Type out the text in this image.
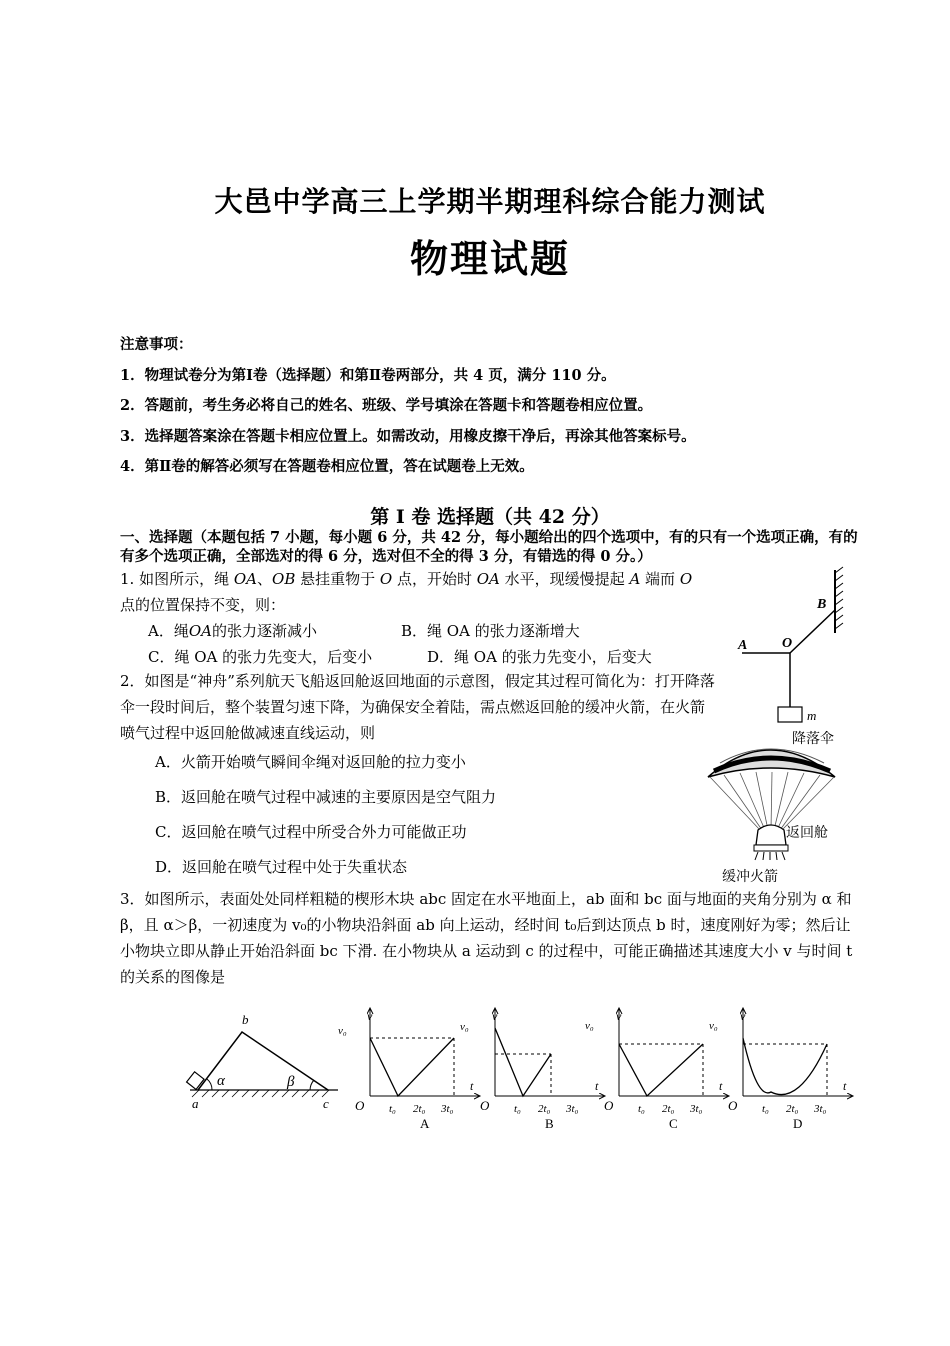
大邑中学高三上学期半期理科综合能力测试
物理试题
注意事项：
1．物理试卷分为第Ⅰ卷（选择题）和第Ⅱ卷两部分，共 4 页，满分 110 分。
2．答题前，考生务必将自己的姓名、班级、学号填涂在答题卡和答题卷相应位置。
3．选择题答案涂在答题卡相应位置上。如需改动，用橡皮擦干净后，再涂其他答案标号。
4．第Ⅱ卷的解答必须写在答题卷相应位置，答在试题卷上无效。
第 I 卷 选择题（共 42 分）
一、选择题（本题包括 7 小题，每小题 6 分，共 42 分，每小题给出的四个选项中，有的只有一个选项正确，有的有多个选项正确，全部选对的得 6 分，选对但不全的得 3 分，有错选的得 0 分。）
1. 如图所示，绳 OA、OB 悬挂重物于 O 点，开始时 OA 水平，现缓慢提起 A 端而 O
点的位置保持不变，则：
A．绳OA的张力逐渐减小	B．绳 OA 的张力逐渐增大
C．绳 OA 的张力先变大，后变小	D．绳 OA 的张力先变小，后变大
B
O
A
m
2．如图是“神舟”系列航天飞船返回舱返回地面的示意图，假定其过程可简化为：打开降落伞一段时间后，整个装置匀速下降，为确保安全着陆，需点燃返回舱的缓冲火箭，在火箭喷气过程中返回舱做减速直线运动，则
A．火箭开始喷气瞬间伞绳对返回舱的拉力变小
B．返回舱在喷气过程中减速的主要原因是空气阻力
C．返回舱在喷气过程中所受合外力可能做正功
D．返回舱在喷气过程中处于失重状态
降落伞
返回舱
缓冲火箭
3．如图所示，表面处处同样粗糙的楔形木块 abc 固定在水平地面上，ab 面和 bc 面与地面的夹角分别为 α 和 β，且 α＞β，一初速度为 v₀的小物块沿斜面 ab 向上运动，经时间 t₀后到达顶点 b 时，速度刚好为零；然后让小物块立即从静止开始沿斜面 bc 下滑. 在小物块从 a 运动到 c 的过程中，可能正确描述其速度大小 v 与时间 t 的关系的图像是
b
a	c
α	β
v
t
O t₀ 2t₀ 3t₀
A
v₀	v₀
v
t
O t₀ 2t₀ 3t₀
B
v
t
O t₀ 2t₀ 3t₀
C
v₀
v
t
O t₀ 2t₀ 3t₀
D
v₀
